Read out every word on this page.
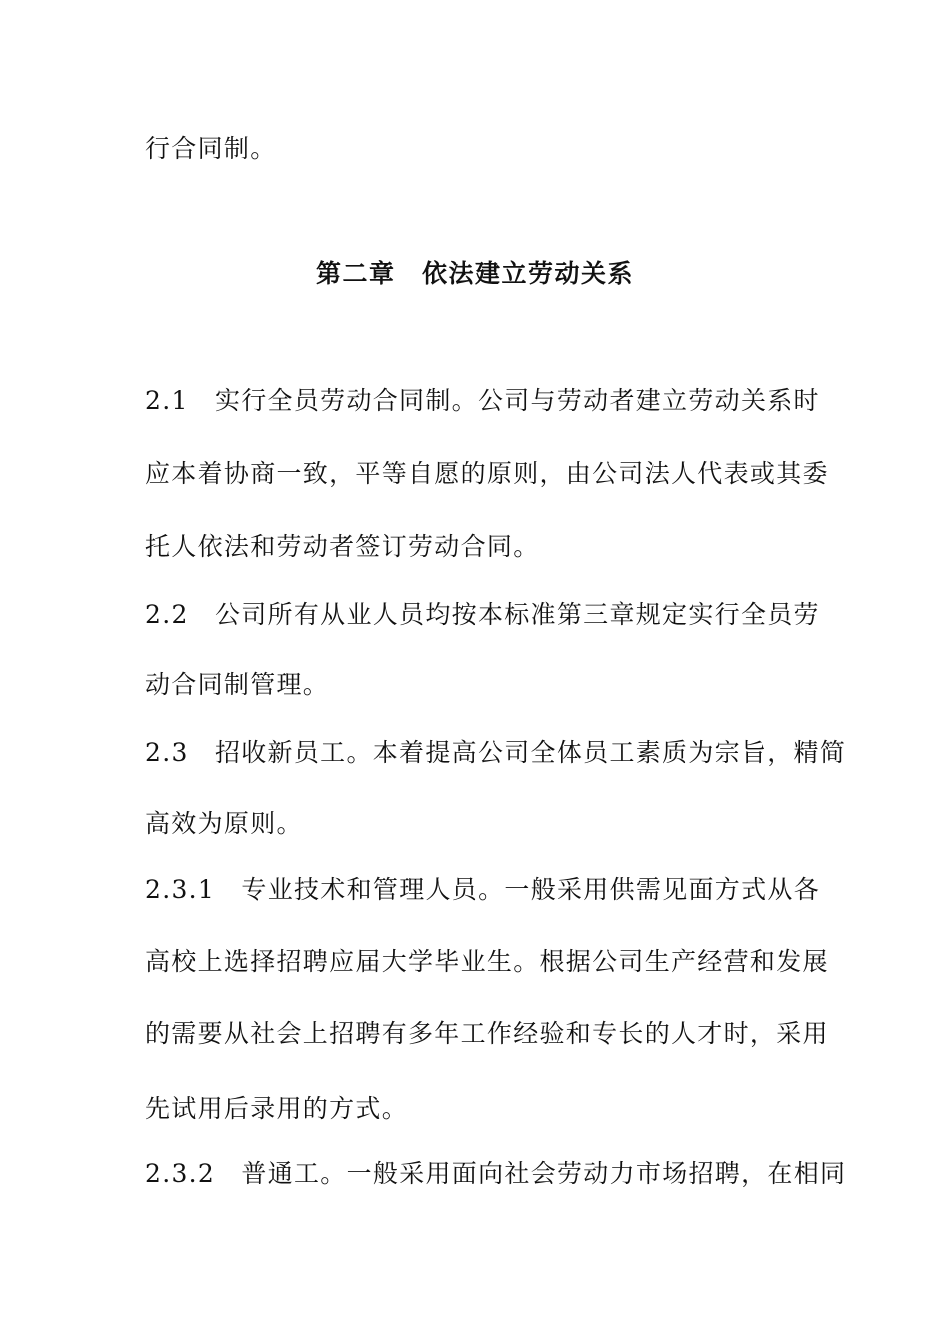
行合同制。
第二章　依法建立劳动关系
2.1　实行全员劳动合同制。公司与劳动者建立劳动关系时
应本着协商一致，平等自愿的原则，由公司法人代表或其委
托人依法和劳动者签订劳动合同。
2.2　公司所有从业人员均按本标准第三章规定实行全员劳
动合同制管理。
2.3　招收新员工。本着提高公司全体员工素质为宗旨，精简
高效为原则。
2.3.1　专业技术和管理人员。一般采用供需见面方式从各
高校上选择招聘应届大学毕业生。根据公司生产经营和发展
的需要从社会上招聘有多年工作经验和专长的人才时，采用
先试用后录用的方式。
2.3.2　普通工。一般采用面向社会劳动力市场招聘，在相同
